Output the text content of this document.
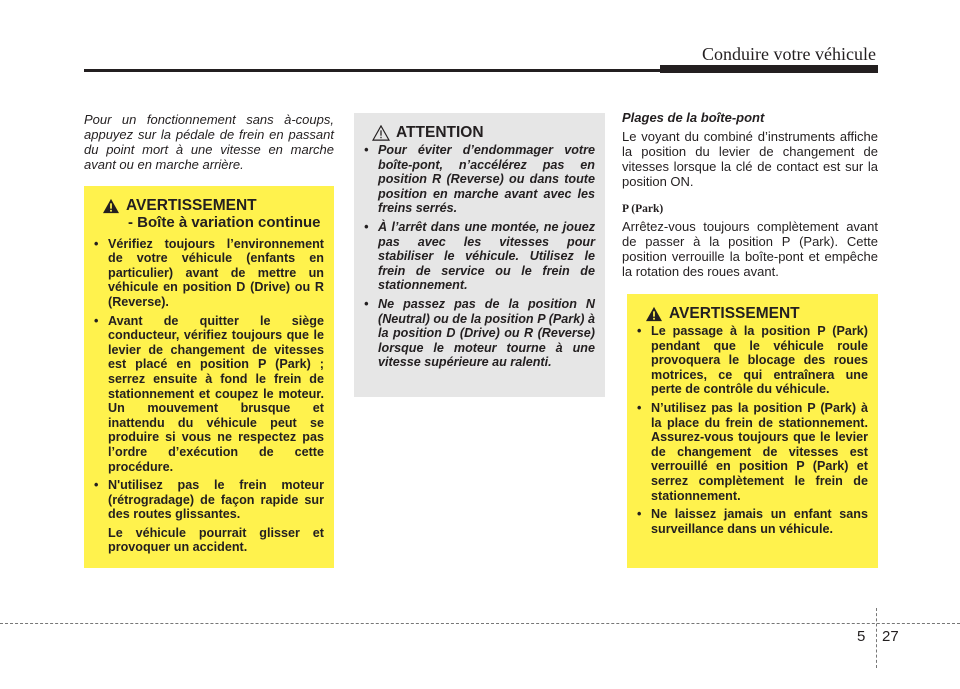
Conduire votre véhicule
Pour un fonctionnement sans à-coups, appuyez sur la pédale de frein en passant du point mort à une vitesse en marche avant ou en marche arrière.
AVERTISSEMENT
- Boîte à variation continue
• Vérifiez toujours l’environnement de votre véhicule (enfants en particulier) avant de mettre un véhicule en position D (Drive) ou R (Reverse).
• Avant de quitter le siège conducteur, vérifiez toujours que le levier de changement de vitesses est placé en position P (Park) ; serrez ensuite à fond le frein de stationnement et coupez le moteur. Un mouvement brusque et inattendu du véhicule peut se produire si vous ne respectez pas l’ordre d’exécution de cette procédure.
• N'utilisez pas le frein moteur (rétrogradage) de façon rapide sur des routes glissantes.
Le véhicule pourrait glisser et provoquer un accident.
ATTENTION
• Pour éviter d’endommager votre boîte-pont, n’accélérez pas en position R (Reverse) ou dans toute position en marche avant avec les freins serrés.
• À l’arrêt dans une montée, ne jouez pas avec les vitesses pour stabiliser le véhicule. Utilisez le frein de service ou le frein de stationnement.
• Ne passez pas de la position N (Neutral) ou de la position P (Park) à la position D (Drive) ou R (Reverse) lorsque le moteur tourne à une vitesse supérieure au ralenti.
Plages de la boîte-pont
Le voyant du combiné d’instruments affiche la position du levier de changement de vitesses lorsque la clé de contact est sur la position ON.
P (Park)
Arrêtez-vous toujours complètement avant de passer à la position P (Park). Cette position verrouille la boîte-pont et empêche la rotation des roues avant.
AVERTISSEMENT
• Le passage à la position P (Park) pendant que le véhicule roule provoquera le blocage des roues motrices, ce qui entraînera une perte de contrôle du véhicule.
• N’utilisez pas la position P (Park) à la place du frein de stationnement. Assurez-vous toujours que le levier de changement de vitesses est verrouillé en position P (Park) et serrez complètement le frein de stationnement.
• Ne laissez jamais un enfant sans surveillance dans un véhicule.
5 27
